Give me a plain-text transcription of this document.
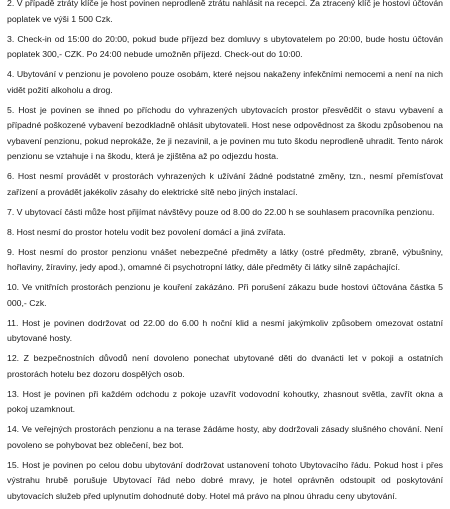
2. V případě ztráty klíče je host povinen neprodleně ztrátu nahlásit na recepci. Za ztracený klíč je hostovi účtován poplatek ve výši 1 500 Czk.

3. Check-in od 15:00 do 20:00, pokud bude příjezd bez domluvy s ubytovatelem po 20:00, bude hostu účtován poplatek 300,- CZK. Po 24:00 nebude umožněn příjezd. Check-out do 10:00.

4. Ubytování v penzionu je povoleno pouze osobám, které nejsou nakaženy infekčními nemocemi a není na nich vidět požití alkoholu a drog.

5. Host je povinen se ihned po příchodu do vyhrazených ubytovacích prostor přesvědčit o stavu vybavení a případné poškozené vybavení bezodkladně ohlásit ubytovateli. Host nese odpovědnost za škodu způsobenou na vybavení penzionu, pokud neprokáže, že ji nezavinil, a je povinen mu tuto škodu neprodleně uhradit. Tento nárok penzionu se vztahuje i na škodu, která je zjištěna až po odjezdu hosta.

6. Host nesmí provádět v prostorách vyhrazených k užívání žádné podstatné změny, tzn., nesmí přemísťovat zařízení a provádět jakékoliv zásahy do elektrické sítě nebo jiných instalací.

7. V ubytovací části může host přijímat návštěvy pouze od 8.00 do 22.00 h se souhlasem pracovníka penzionu.

8. Host nesmí do prostor hotelu vodit bez povolení domácí a jiná zvířata.

9. Host nesmí do prostor penzionu vnášet nebezpečné předměty a látky (ostré předměty, zbraně, výbušniny, hořlaviny, žíraviny, jedy apod.), omamné či psychotropní látky, dále předměty či látky silně zapáchající.

10. Ve vnitřních prostorách penzionu je kouření zakázáno. Při porušení zákazu bude hostovi účtována částka 5 000,- Czk.

11. Host je povinen dodržovat od 22.00 do 6.00 h noční klid a nesmí jakýmkoliv způsobem omezovat ostatní ubytované hosty.

12. Z bezpečnostních důvodů není dovoleno ponechat ubytované děti do dvanácti let v pokoji a ostatních prostorách hotelu bez dozoru dospělých osob.

13. Host je povinen při každém odchodu z pokoje uzavřít vodovodní kohoutky, zhasnout světla, zavřít okna a pokoj uzamknout.

14. Ve veřejných prostorách penzionu a na terase žádáme hosty, aby dodržovali zásady slušného chování. Není povoleno se pohybovat bez oblečení, bez bot.

15. Host je povinen po celou dobu ubytování dodržovat ustanovení tohoto Ubytovacího řádu. Pokud host i přes výstrahu hrubě porušuje Ubytovací řád nebo dobré mravy, je hotel oprávněn odstoupit od poskytování ubytovacích služeb před uplynutím dohodnuté doby. Hotel má právo na plnou úhradu ceny ubytování.
